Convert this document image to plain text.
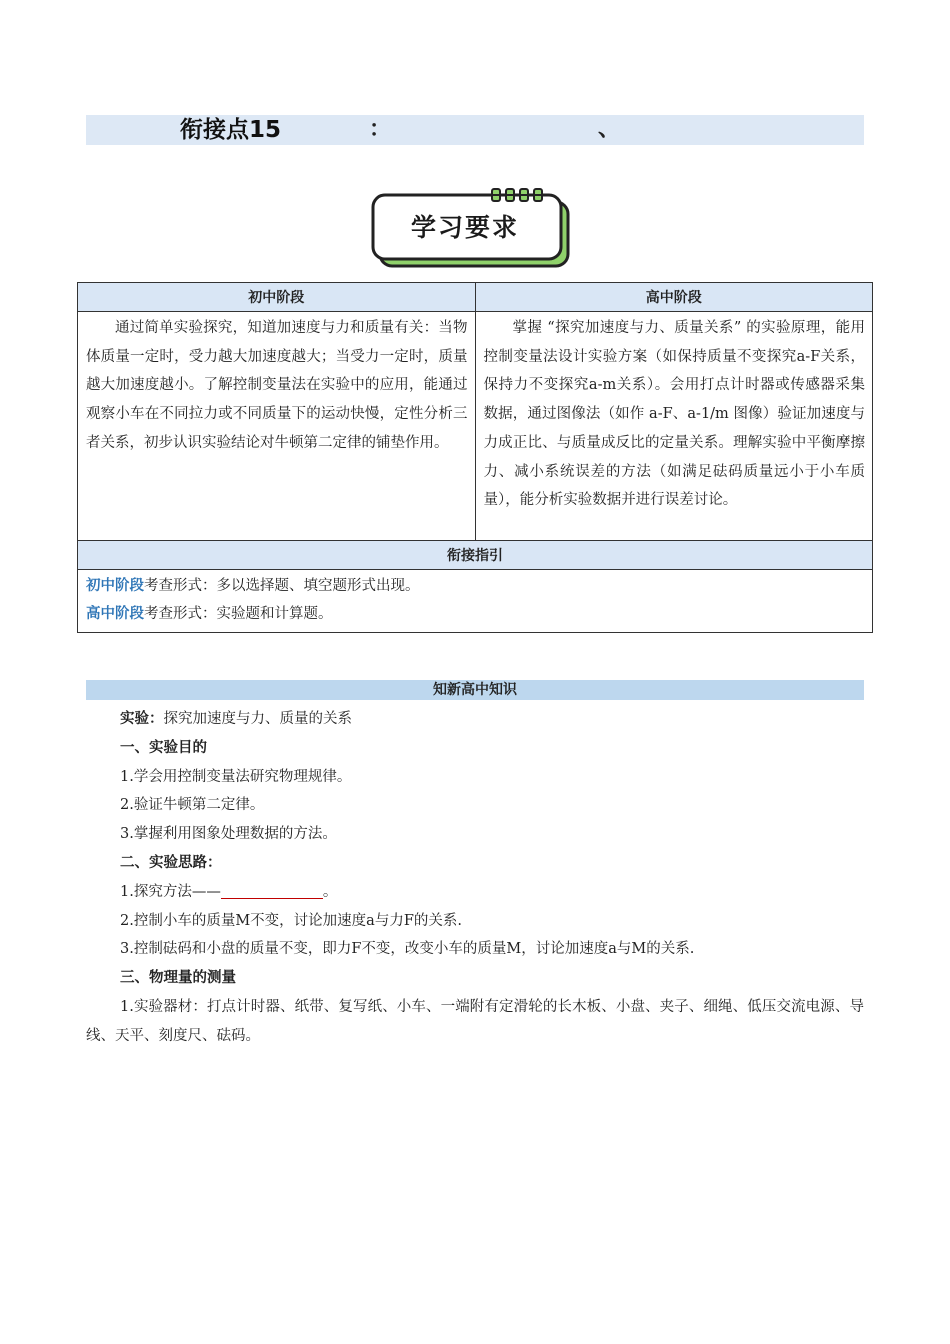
衔接点15	：	、
学习要求
初中阶段	高中阶段
通过简单实验探究，知道加速度与力和质量有关：当物体质量一定时，受力越大加速度越大；当受力一定时，质量越大加速度越小。了解控制变量法在实验中的应用，能通过观察小车在不同拉力或不同质量下的运动快慢，定性分析三者关系，初步认识实验结论对牛顿第二定律的铺垫作用。	掌握 “探究加速度与力、质量关系” 的实验原理，能用控制变量法设计实验方案（如保持质量不变探究a-F关系，保持力不变探究a-m关系）。会用打点计时器或传感器采集数据，通过图像法（如作 a-F、a-1/m 图像）验证加速度与力成正比、与质量成反比的定量关系。理解实验中平衡摩擦力、减小系统误差的方法（如满足砝码质量远小于小车质量），能分析实验数据并进行误差讨论。
衔接指引	

初中阶段考查形式：多以选择题、填空题形式出现。
高中阶段考查形式：实验题和计算题。	
知新高中知识
实验：探究加速度与力、质量的关系
一、实验目的
1.学会用控制变量法研究物理规律。
2.验证牛顿第二定律。
3.掌握利用图象处理数据的方法。
二、实验思路：
1.探究方法——	。
2.控制小车的质量M不变，讨论加速度a与力F的关系.
3.控制砝码和小盘的质量不变，即力F不变，改变小车的质量M，讨论加速度a与M的关系.
三、物理量的测量
1.实验器材：打点计时器、纸带、复写纸、小车、一端附有定滑轮的长木板、小盘、夹子、细绳、低压交流电源、导线、天平、刻度尺、砝码。
